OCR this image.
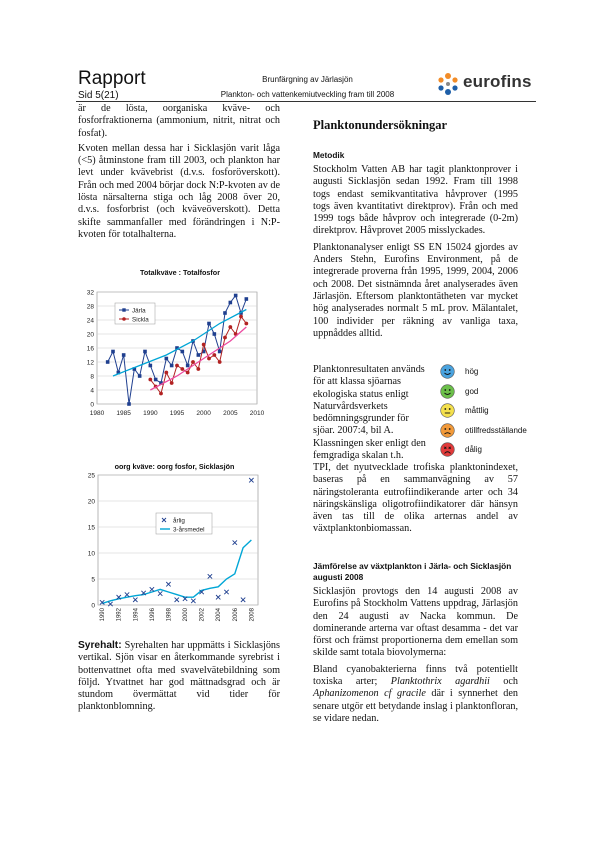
Rapport
Sid 5(21)
Brunfärgning av Järlasjön
Plankton- och vattenkemiutveckling fram till 2008
eurofins

är de lösta, oorganiska kväve- och fosforfraktionerna (ammonium, nitrit, nitrat och fosfat).

Kvoten mellan dessa har i Sicklasjön varit låga (<5) åtminstone fram till 2003, och plankton har levt under kvävebrist (d.v.s. fosforöverskott). Från och med 2004 börjar dock N:P-kvoten av de lösta närsalterna stiga och låg 2008 över 20, d.v.s. fosforbrist (och kväveöverskott). Detta skifte sammanfaller med förändringen i N:P-kvoten för totalhalterna.

Totalkväve : Totalfosfor
0
4
8
12
16
20
24
28
32
1980 1985 1990 1995 2000 2005 2010
Järla
Sickla
oorg kväve: oorg fosfor, Sicklasjön
0
5
10
15
20
25
1990 1992 1994 1996 1998 2000 2002 2004 2006 2008
årlig
3-årsmedel

Syrehalt: Syrehalten har uppmätts i Sicklasjöns vertikal. Sjön visar en återkommande syrebrist i bottenvattnet ofta med svavelvätebildning som följd. Ytvattnet har god mättnadsgrad och är stundom övermättat vid tider för planktonblomning.

Planktonundersökningar
Metodik

Stockholm Vatten AB har tagit planktonprover i augusti Sicklasjön sedan 1992. Fram till 1998 togs endast semikvantitativa håvprover (1995 togs även kvantitativt direktprov). Från och med 1999 togs både håvprov och integrerade (0-2m) direktprov. Håvprovet 2005 misslyckades.

Planktonanalyser enligt SS EN 15024 gjordes av Anders Stehn, Eurofins Environment, på de integrerade proverna från 1995, 1999, 2004, 2006 och 2008. Det sistnämnda året analyserades även Järlasjön. Eftersom planktontätheten var mycket hög analyserades normalt 5 mL prov. Mälantalet, 100 individer per räkning av vanliga taxa, uppnåddes alltid.

Planktonresultaten används för att klassa sjöarnas ekologiska status enligt Naturvårdsverkets bedömningsgrunder för sjöar. 2007:4, bil A. Klassningen sker enligt den femgradiga skalan t.h.
hög
god
måttlig
otillfredsställande
dålig
TPI, det nyutvecklade trofiska planktonindexet, baseras på en sammanvägning av 57 näringstoleranta eutrofiindikerande arter och 34 näringskänsliga oligotrofiindikatorer där hänsyn även tas till de olika arternas andel av växtplanktonbiomassan.
Jämförelse av växtplankton i Järla- och Sicklasjön augusti 2008

Sicklasjön provtogs den 14 augusti 2008 av Eurofins på Stockholm Vattens uppdrag, Järlasjön den 24 augusti av Nacka kommun. De dominerande arterna var oftast desamma - det var först och främst proportionerna dem emellan som skilde samt totala biovolymerna:

Bland cyanobakterierna finns två potentiellt toxiska arter; Planktothrix agardhii och Aphanizomenon cf gracile där i synnerhet den senare utgör ett betydande inslag i planktonfloran, se vidare nedan.
